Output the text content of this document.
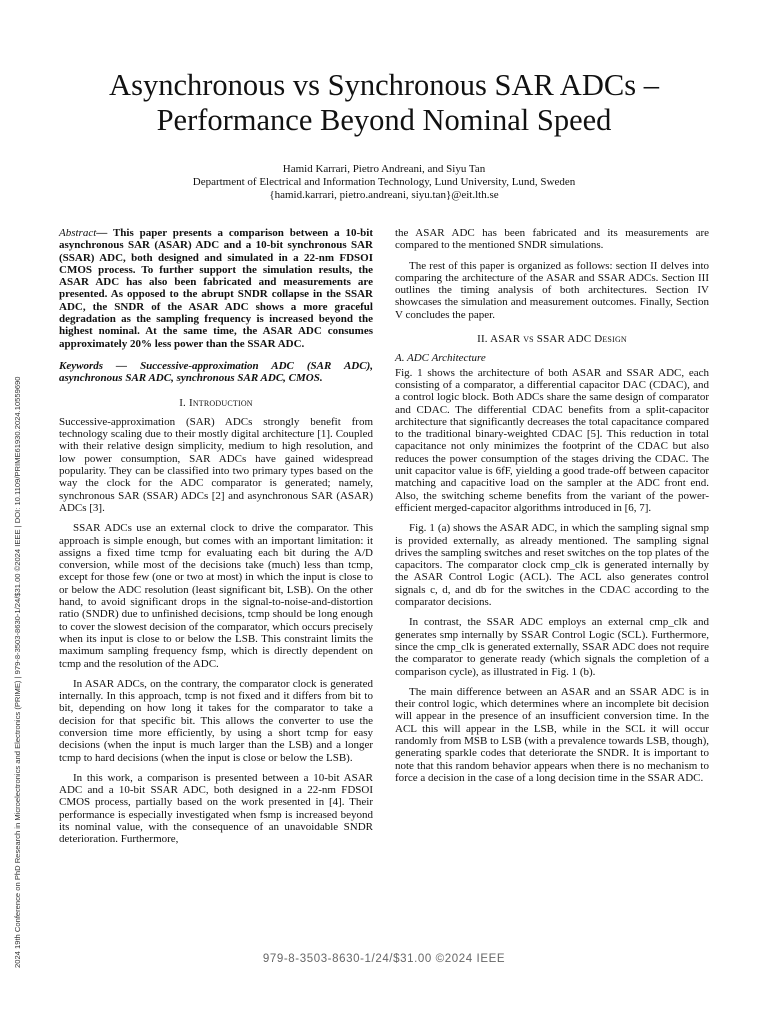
2024 19th Conference on PhD Research in Microelectronics and Electronics (PRIME) | 979-8-3503-8630-1/24/$31.00 ©2024 IEEE | DOI: 10.1109/PRIME61930.2024.10559690
Asynchronous vs Synchronous SAR ADCs –
Performance Beyond Nominal Speed
Hamid Karrari, Pietro Andreani, and Siyu Tan
Department of Electrical and Information Technology, Lund University, Lund, Sweden
{hamid.karrari, pietro.andreani, siyu.tan}@eit.lth.se

Abstract— This paper presents a comparison between a 10-bit asynchronous SAR (ASAR) ADC and a 10-bit synchronous SAR (SSAR) ADC, both designed and simulated in a 22-nm FDSOI CMOS process. To further support the simulation results, the ASAR ADC has also been fabricated and measurements are presented. As opposed to the abrupt SNDR collapse in the SSAR ADC, the SNDR of the ASAR ADC shows a more graceful degradation as the sampling frequency is increased beyond the highest nominal. At the same time, the ASAR ADC consumes approximately 20% less power than the SSAR ADC.

Keywords — Successive-approximation ADC (SAR ADC), asynchronous SAR ADC, synchronous SAR ADC, CMOS.

I. Introduction

Successive-approximation (SAR) ADCs strongly benefit from technology scaling due to their mostly digital architecture [1]. Coupled with their relative design simplicity, medium to high resolution, and low power consumption, SAR ADCs have gained widespread popularity. They can be classified into two primary types based on the way the clock for the ADC comparator is generated; namely, synchronous SAR (SSAR) ADCs [2] and asynchronous SAR (ASAR) ADCs [3].

SSAR ADCs use an external clock to drive the comparator. This approach is simple enough, but comes with an important limitation: it assigns a fixed time tcmp for evaluating each bit during the A/D conversion, while most of the decisions take (much) less than tcmp, except for those few (one or two at most) in which the input is close to or below the ADC resolution (least significant bit, LSB). On the other hand, to avoid significant drops in the signal-to-noise-and-distortion ratio (SNDR) due to unfinished decisions, tcmp should be long enough to cover the slowest decision of the comparator, which occurs precisely when its input is close to or below the LSB. This constraint limits the maximum sampling frequency fsmp, which is directly dependent on tcmp and the resolution of the ADC.

In ASAR ADCs, on the contrary, the comparator clock is generated internally. In this approach, tcmp is not fixed and it differs from bit to bit, depending on how long it takes for the comparator to take a decision for that specific bit. This allows the converter to use the conversion time more efficiently, by using a short tcmp for easy decisions (when the input is much larger than the LSB) and a longer tcmp to hard decisions (when the input is close or below the LSB).

In this work, a comparison is presented between a 10-bit ASAR ADC and a 10-bit SSAR ADC, both designed in a 22-nm FDSOI CMOS process, partially based on the work presented in [4]. Their performance is especially investigated when fsmp is increased beyond its nominal value, with the consequence of an unavoidable SNDR deterioration. Furthermore,

the ASAR ADC has been fabricated and its measurements are compared to the mentioned SNDR simulations.

The rest of this paper is organized as follows: section II delves into comparing the architecture of the ASAR and SSAR ADCs. Section III outlines the timing analysis of both architectures. Section IV showcases the simulation and measurement outcomes. Finally, Section V concludes the paper.

II. ASAR vs SSAR ADC Design
A. ADC Architecture

Fig. 1 shows the architecture of both ASAR and SSAR ADC, each consisting of a comparator, a differential capacitor DAC (CDAC), and a control logic block. Both ADCs share the same design of comparator and CDAC. The differential CDAC benefits from a split-capacitor architecture that significantly decreases the total capacitance compared to the traditional binary-weighted CDAC [5]. This reduction in total capacitance not only minimizes the footprint of the CDAC but also reduces the power consumption of the stages driving the CDAC. The unit capacitor value is 6fF, yielding a good trade-off between capacitor matching and capacitive load on the sampler at the ADC front end. Also, the switching scheme benefits from the variant of the power-efficient merged-capacitor algorithms introduced in [6, 7].

Fig. 1 (a) shows the ASAR ADC, in which the sampling signal smp is provided externally, as already mentioned. The sampling signal drives the sampling switches and reset switches on the top plates of the capacitors. The comparator clock cmp_clk is generated internally by the ASAR Control Logic (ACL). The ACL also generates control signals c, d, and db for the switches in the CDAC according to the comparator decisions.

In contrast, the SSAR ADC employs an external cmp_clk and generates smp internally by SSAR Control Logic (SCL). Furthermore, since the cmp_clk is generated externally, SSAR ADC does not require the comparator to generate ready (which signals the completion of a comparison cycle), as illustrated in Fig. 1 (b).

The main difference between an ASAR and an SSAR ADC is in their control logic, which determines where an incomplete bit decision will appear in the presence of an insufficient conversion time. In the ACL this will appear in the LSB, while in the SCL it will occur randomly from MSB to LSB (with a prevalence towards LSB, though), generating sparkle codes that deteriorate the SNDR. It is important to note that this random behavior appears when there is no mechanism to force a decision in the case of a long decision time in the SSAR ADC.

979-8-3503-8630-1/24/$31.00 ©2024 IEEE
